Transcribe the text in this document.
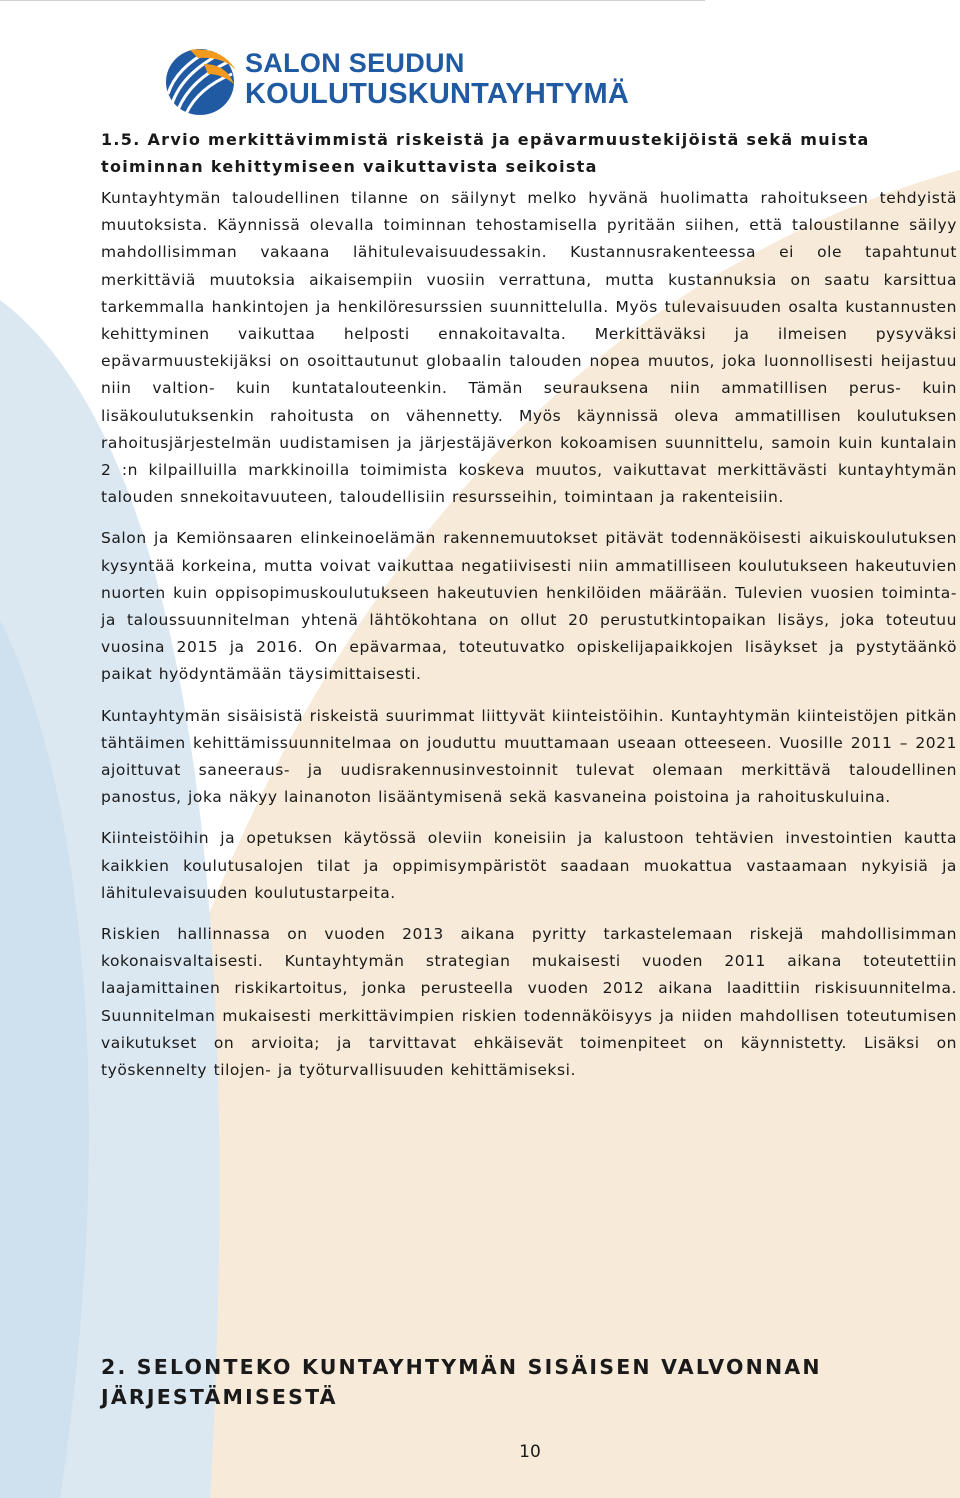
SALON SEUDUN
KOULUTUSKUNTAYHTYMÄ
1.5. Arvio merkittävimmistä riskeistä ja epävarmuustekijöistä sekä muista toiminnan kehittymiseen vaikuttavista seikoista

Kuntayhtymän taloudellinen tilanne on säilynyt melko hyvänä huolimatta rahoitukseen tehdyistä muutoksista. Käynnissä olevalla toiminnan tehostamisella pyritään siihen, että taloustilanne säilyy mahdollisimman vakaana lähitulevaisuudessakin. Kustannusrakenteessa ei ole tapahtunut merkittäviä muutoksia aikaisempiin vuosiin verrattuna, mutta kustannuksia on saatu karsittua tarkemmalla hankintojen ja henkilöresurssien suunnittelulla. Myös tulevaisuuden osalta kustannusten kehittyminen vaikuttaa helposti ennakoitavalta. Merkittäväksi ja ilmeisen pysyväksi epävarmuustekijäksi on osoittautunut globaalin talouden nopea muutos, joka luonnollisesti heijastuu niin valtion- kuin kuntatalouteenkin. Tämän seurauksena niin ammatillisen perus- kuin lisäkoulutuksenkin rahoitusta on vähennetty. Myös käynnissä oleva ammatillisen koulutuksen rahoitusjärjestelmän uudistamisen ja järjestäjäverkon kokoamisen suunnittelu, samoin kuin kuntalain 2 :n kilpailluilla markkinoilla toimimista koskeva muutos, vaikuttavat merkittävästi kuntayhtymän talouden snnekoitavuuteen, taloudellisiin resursseihin, toimintaan ja rakenteisiin.

Salon ja Kemiönsaaren elinkeinoelämän rakennemuutokset pitävät todennäköisesti aikuiskoulutuksen kysyntää korkeina, mutta voivat vaikuttaa negatiivisesti niin ammatilliseen koulutukseen hakeutuvien nuorten kuin oppisopimuskoulutukseen hakeutuvien henkilöiden määrään. Tulevien vuosien toiminta- ja taloussuunnitelman yhtenä lähtökohtana on ollut 20 perustutkintopaikan lisäys, joka toteutuu vuosina 2015 ja 2016. On epävarmaa, toteutuvatko opiskelijapaikkojen lisäykset ja pystytäänkö paikat hyödyntämään täysimittaisesti.

Kuntayhtymän sisäisistä riskeistä suurimmat liittyvät kiinteistöihin. Kuntayhtymän kiinteistöjen pitkän tähtäimen kehittämissuunnitelmaa on jouduttu muuttamaan useaan otteeseen. Vuosille 2011 – 2021 ajoittuvat saneeraus- ja uudisrakennusinvestoinnit tulevat olemaan merkittävä taloudellinen panostus, joka näkyy lainanoton lisääntymisenä sekä kasvaneina poistoina ja rahoituskuluina.

Kiinteistöihin ja opetuksen käytössä oleviin koneisiin ja kalustoon tehtävien investointien kautta kaikkien koulutusalojen tilat ja oppimisympäristöt saadaan muokattua vastaamaan nykyisiä ja lähitulevaisuuden koulutustarpeita.

Riskien hallinnassa on vuoden 2013 aikana pyritty tarkastelemaan riskejä mahdollisimman kokonaisvaltaisesti. Kuntayhtymän strategian mukaisesti vuoden 2011 aikana toteutettiin laajamittainen riskikartoitus, jonka perusteella vuoden 2012 aikana laadittiin riskisuunnitelma. Suunnitelman mukaisesti merkittävimpien riskien todennäköisyys ja niiden mahdollisen toteutumisen vaikutukset on arvioita; ja tarvittavat ehkäisevät toimenpiteet on käynnistetty. Lisäksi on työskennelty tilojen- ja työturvallisuuden kehittämiseksi.

2. SELONTEKO KUNTAYHTYMÄN SISÄISEN VALVONNAN JÄRJESTÄMISESTÄ
10
